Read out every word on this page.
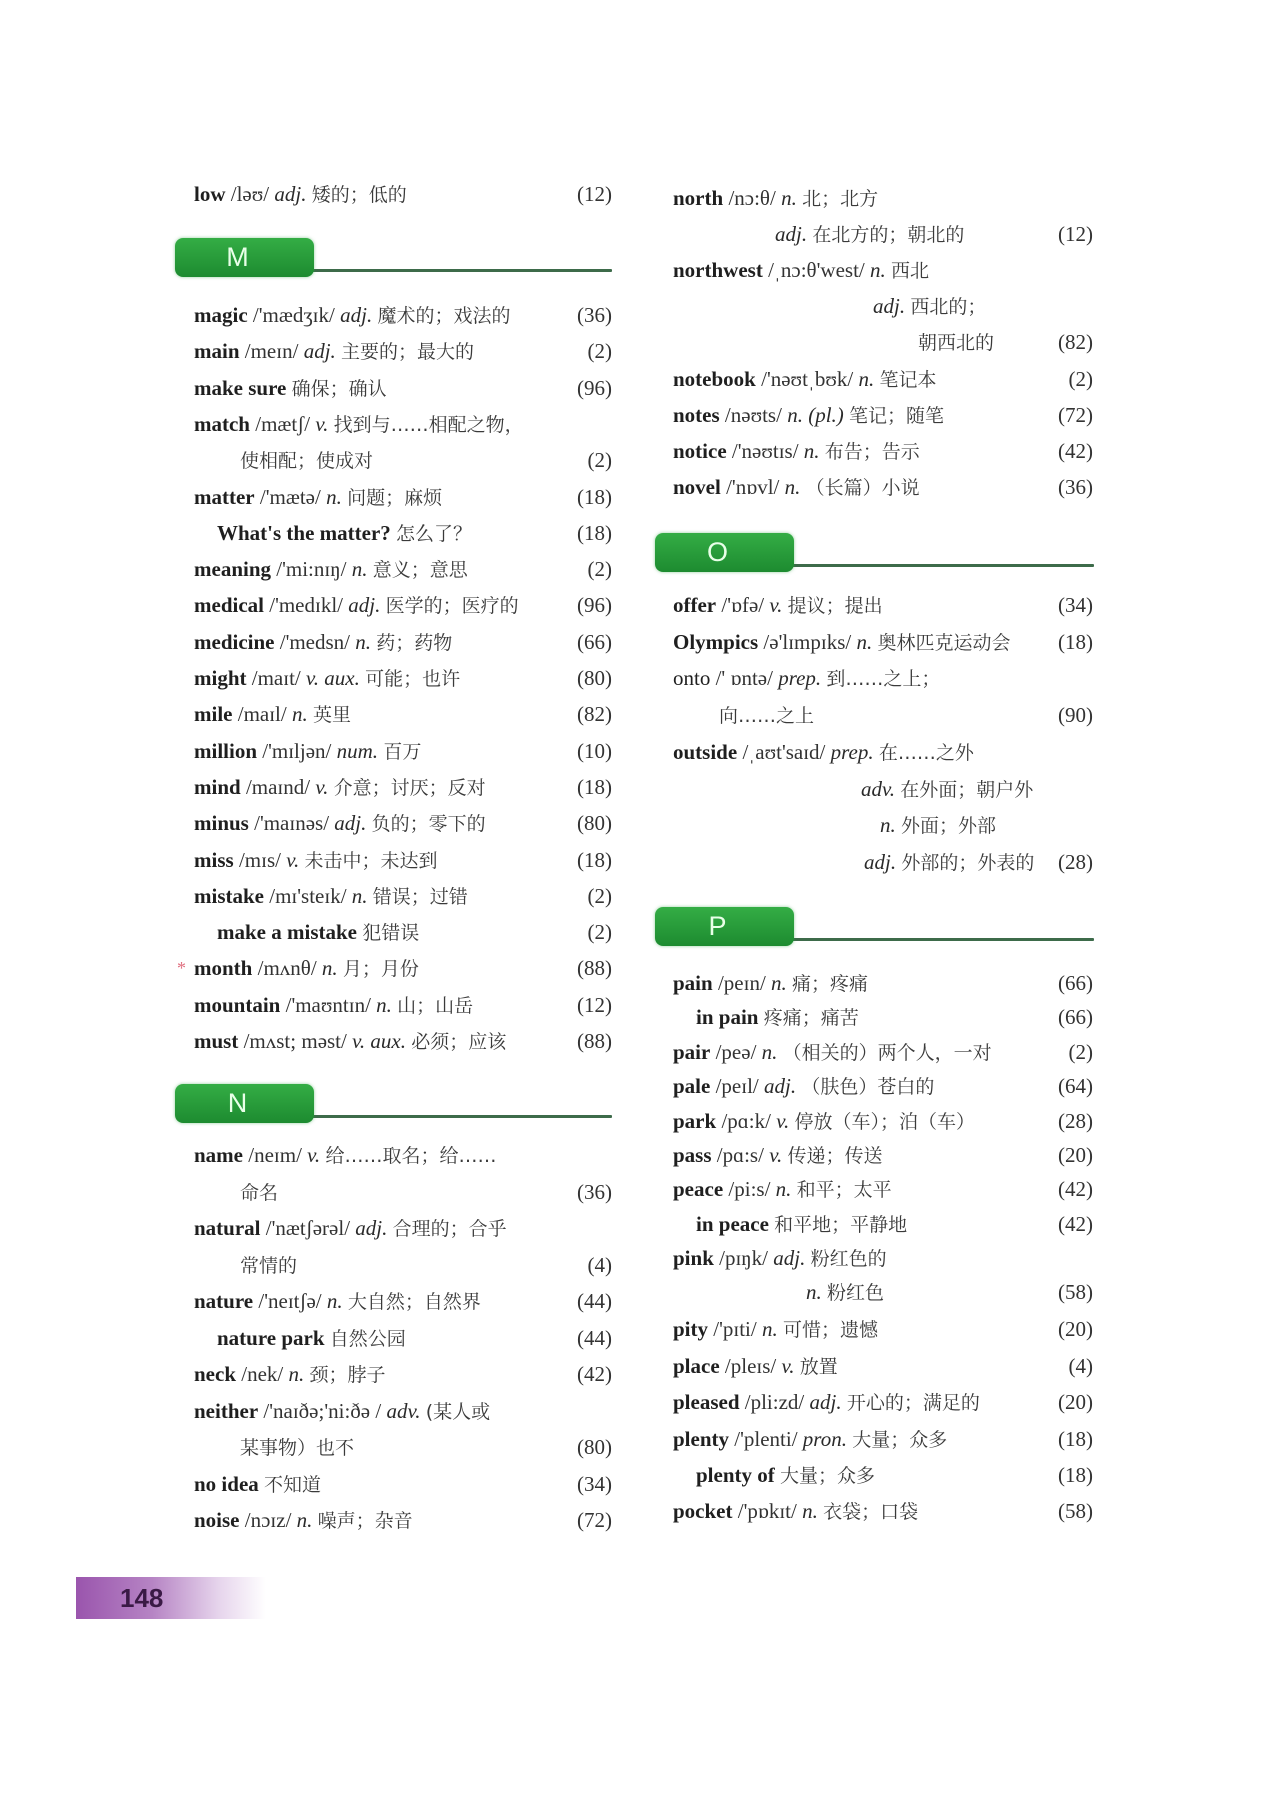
low /ləʊ/ adj. 矮的；低的	(12)
M
magic /'mædʒɪk/ adj. 魔术的；戏法的	(36)
main /meɪn/ adj. 主要的；最大的	(2)
make sure 确保；确认	(96)
match /mætʃ/ v. 找到与……相配之物，
使相配；使成对	(2)
matter /'mætə/ n. 问题；麻烦	(18)
What's the matter? 怎么了？	(18)
meaning /'mi:nɪŋ/ n. 意义；意思	(2)
medical /'medɪkl/ adj. 医学的；医疗的	(96)
medicine /'medsn/ n. 药；药物	(66)
might /maɪt/ v. aux. 可能；也许	(80)
mile /maɪl/ n. 英里	(82)
million /'mɪljən/ num. 百万	(10)
mind /maɪnd/ v. 介意；讨厌；反对	(18)
minus /'maɪnəs/ adj. 负的；零下的	(80)
miss /mɪs/ v. 未击中；未达到	(18)
mistake /mɪ'steɪk/ n. 错误；过错	(2)
make a mistake 犯错误	(2)
month /mʌnθ/ n. 月；月份	(88)
*
mountain /'maʊntɪn/ n. 山；山岳	(12)
must /mʌst; məst/ v. aux. 必须；应该	(88)
N
name /neɪm/ v. 给……取名；给……
命名	(36)
natural /'nætʃərəl/ adj. 合理的；合乎
常情的	(4)
nature /'neɪtʃə/ n. 大自然；自然界	(44)
nature park 自然公园	(44)
neck /nek/ n. 颈；脖子	(42)
neither /'naɪðə;'ni:ðə / adv. (某人或
某事物）也不	(80)
no idea 不知道	(34)
noise /nɔɪz/ n. 噪声；杂音	(72)
north /nɔ:θ/ n. 北；北方
adj. 在北方的；朝北的	(12)
northwest /ˌnɔ:θ'west/ n. 西北
adj. 西北的；
朝西北的	(82)
notebook /'nəʊtˌbʊk/ n. 笔记本	(2)
notes /nəʊts/ n. (pl.) 笔记；随笔	(72)
notice /'nəʊtɪs/ n. 布告；告示	(42)
novel /'nɒvl/ n. （长篇）小说	(36)
O
offer /'ɒfə/ v. 提议；提出	(34)
Olympics /ə'lɪmpɪks/ n. 奥林匹克运动会 (18)
onto /' ɒntə/ prep. 到……之上；
向……之上	(90)
outside /ˌaʊt'saɪd/ prep. 在……之外
adv. 在外面；朝户外
n. 外面；外部
adj. 外部的；外表的 (28)
P
pain /peɪn/ n. 痛；疼痛	(66)
in pain 疼痛；痛苦	(66)
pair /peə/ n. （相关的）两个人，一对	(2)
pale /peɪl/ adj. （肤色）苍白的	(64)
park /pɑ:k/ v. 停放（车）；泊（车）	(28)
pass /pɑ:s/ v. 传递；传送	(20)
peace /pi:s/ n. 和平；太平	(42)
in peace 和平地；平静地	(42)
pink /pɪŋk/ adj. 粉红色的
n. 粉红色	(58)
pity /'pɪti/ n. 可惜；遗憾	(20)
place /pleɪs/ v. 放置	(4)
pleased /pli:zd/ adj. 开心的；满足的	(20)
plenty /'plenti/ pron. 大量；众多	(18)
plenty of 大量；众多	(18)
pocket /'pɒkɪt/ n. 衣袋；口袋	(58)
148
